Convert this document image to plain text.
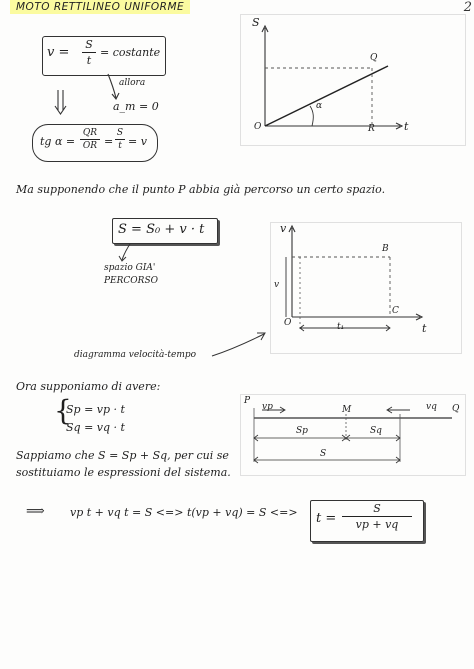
MOTO RETTILINEO UNIFORME	2
v =
S
t
= costante
allora
a_m = 0
tg α =
QR
OR =
S
t = v
S
t
O
Q
R
α
Ma supponendo che il punto P abbia già percorso un certo spazio.
S = S₀ + v · t
spazio GIA'
PERCORSO
v
t
O
B
C
t₁
v
diagramma velocità-tempo
Ora supponiamo di avere:
{
Sp = vp · t
Sq = vq · t
P
Q
M
vp	vq
Sp	Sq
S
Sappiamo che S = Sp + Sq, per cui se
sostituiamo le espressioni del sistema.
⟹ vp t + vq t = S <=> t(vp + vq) = S <=> t =
S
vp + vq
